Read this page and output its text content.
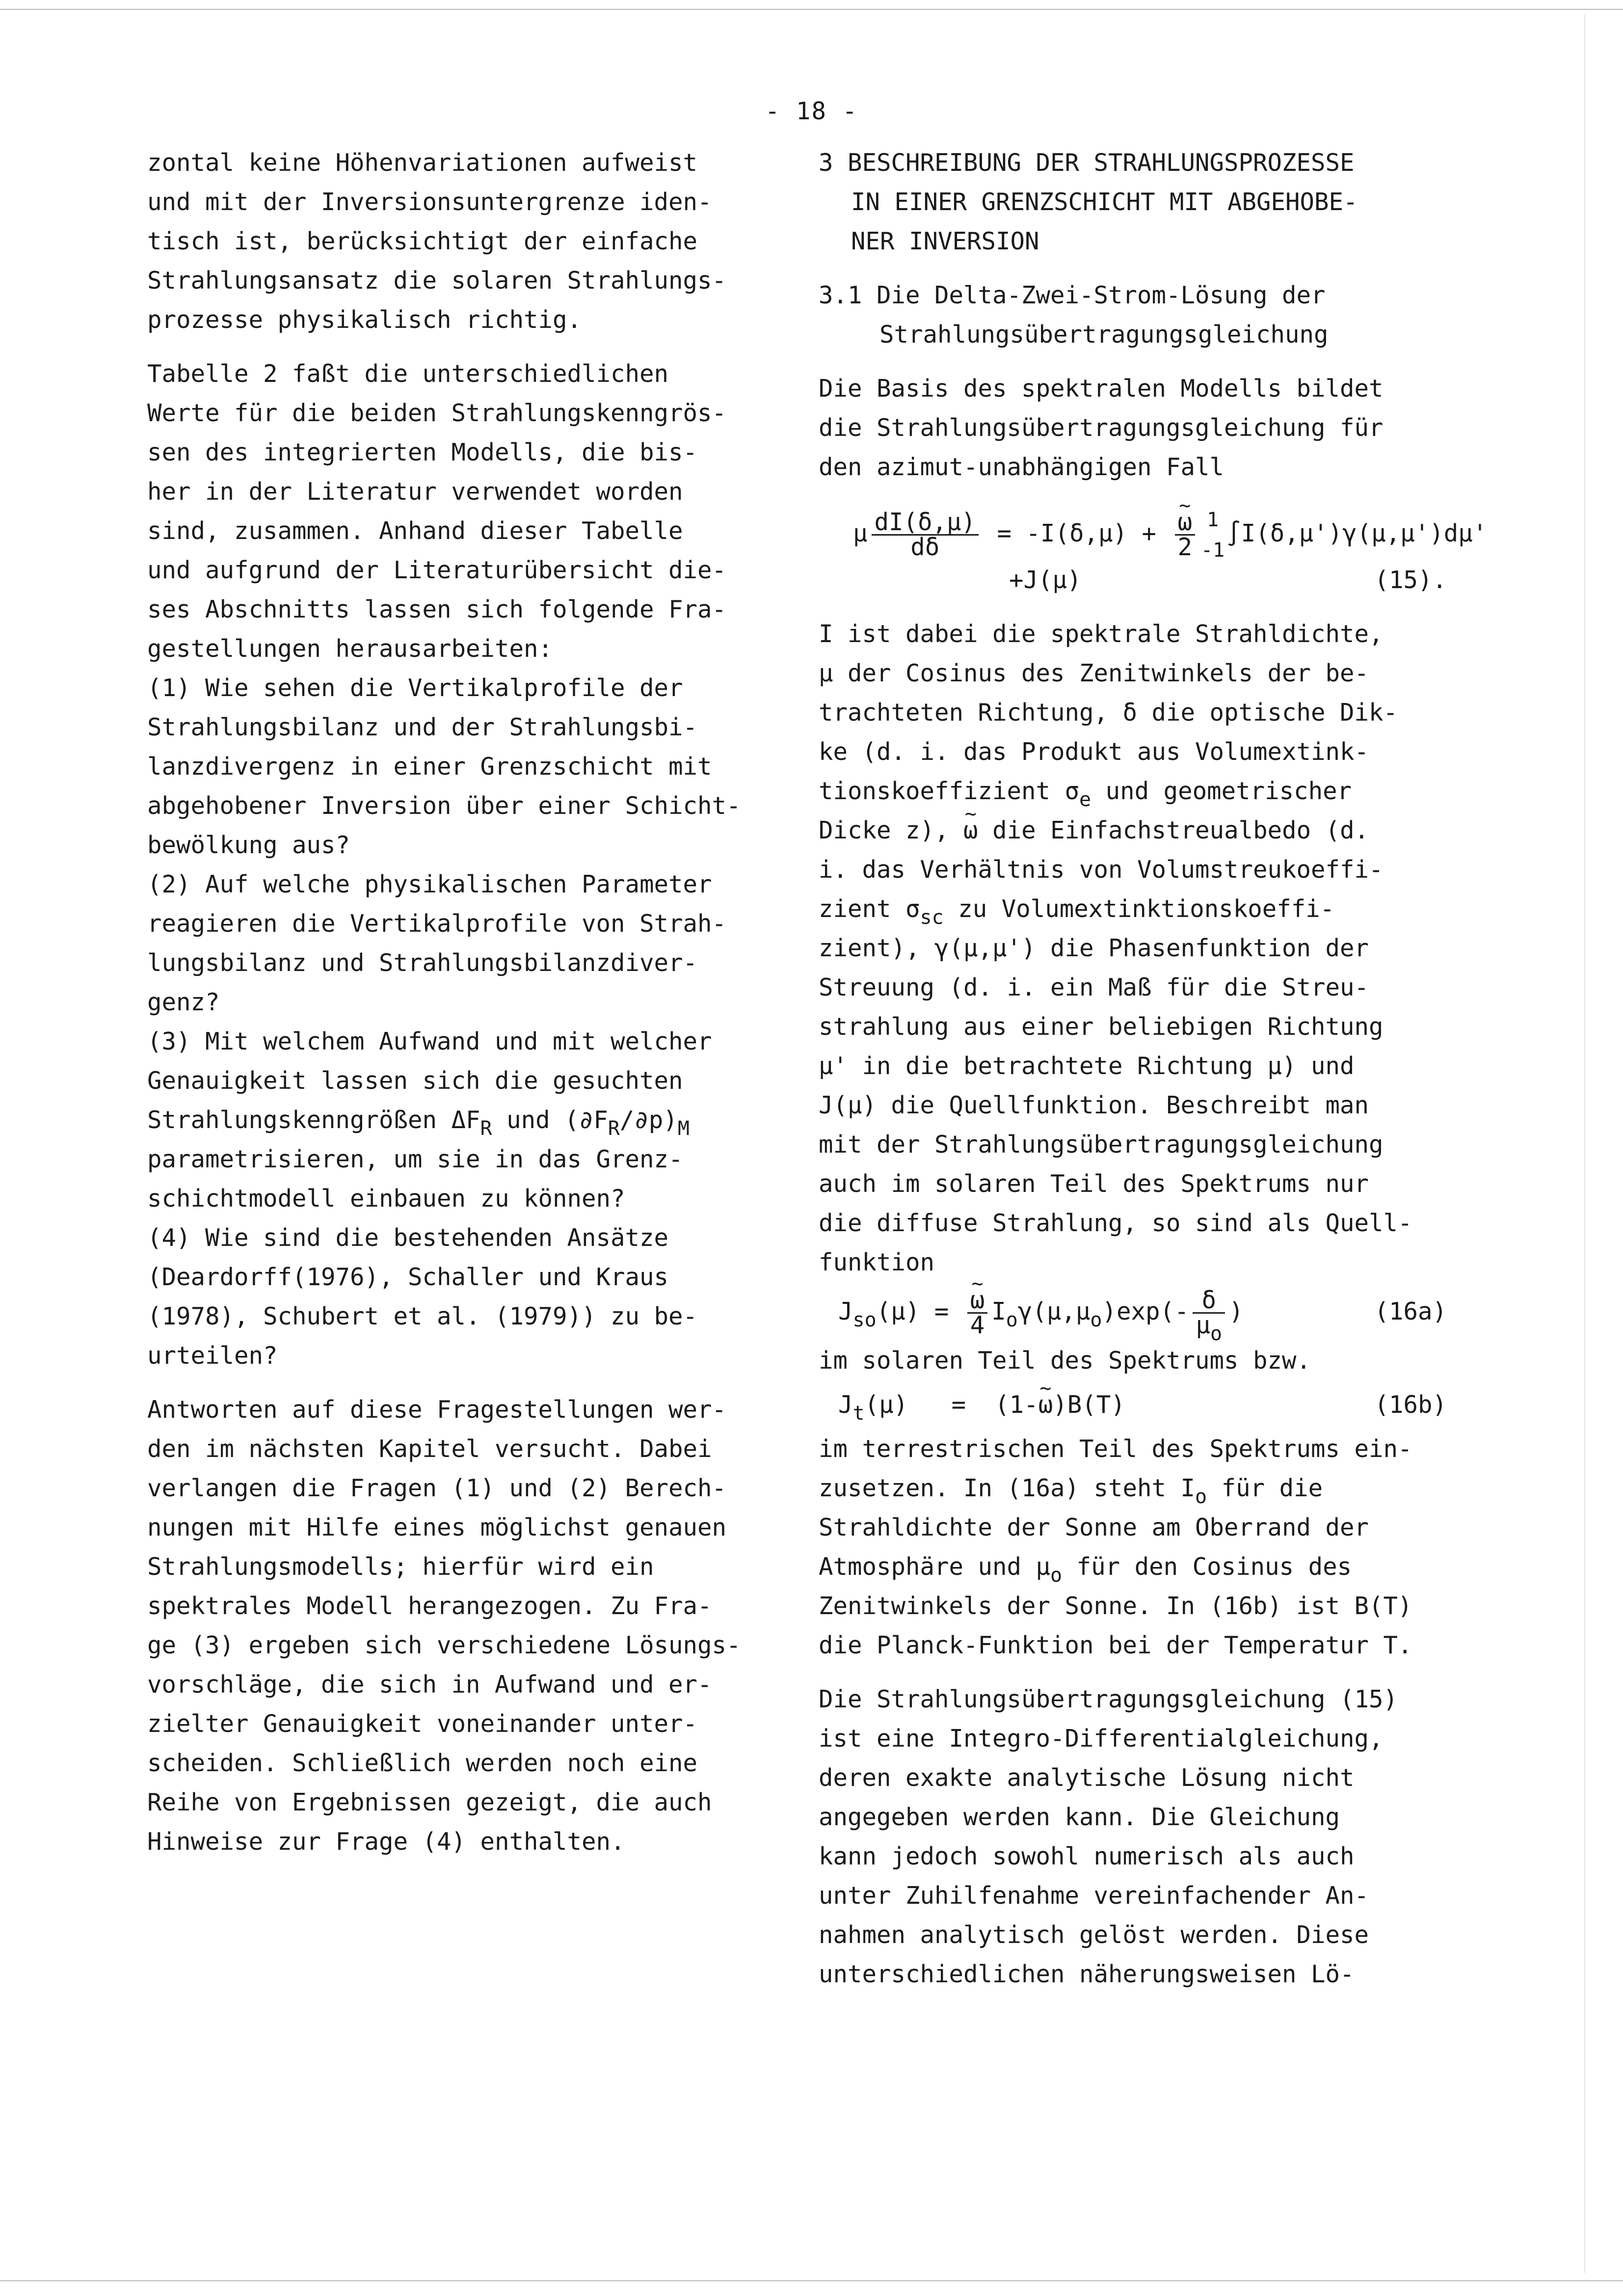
- 18 -
zontal keine Höhenvariationen aufweist
und mit der Inversionsuntergrenze iden-
tisch ist, berücksichtigt der einfache
Strahlungsansatz die solaren Strahlungs-
prozesse physikalisch richtig.
Tabelle 2 faßt die unterschiedlichen
Werte für die beiden Strahlungskenngrös-
sen des integrierten Modells, die bis-
her in der Literatur verwendet worden
sind, zusammen. Anhand dieser Tabelle
und aufgrund der Literaturübersicht die-
ses Abschnitts lassen sich folgende Fra-
gestellungen herausarbeiten:
(1) Wie sehen die Vertikalprofile der
Strahlungsbilanz und der Strahlungsbi-
lanzdivergenz in einer Grenzschicht mit
abgehobener Inversion über einer Schicht-
bewölkung aus?
(2) Auf welche physikalischen Parameter
reagieren die Vertikalprofile von Strah-
lungsbilanz und Strahlungsbilanzdiver-
genz?
(3) Mit welchem Aufwand und mit welcher
Genauigkeit lassen sich die gesuchten
Strahlungskenngrößen $\Delta F_R$ und $(\partial F_R/\partial p)_M$
parametrisieren, um sie in das Grenz-
schichtmodell einbauen zu können?
(4) Wie sind die bestehenden Ansätze
(Deardorff(1976), Schaller und Kraus
(1978), Schubert et al. (1979)) zu be-
urteilen?
Antworten auf diese Fragestellungen wer-
den im nächsten Kapitel versucht. Dabei
verlangen die Fragen (1) und (2) Berech-
nungen mit Hilfe eines möglichst genauen
Strahlungsmodells; hierfür wird ein
spektrales Modell herangezogen. Zu Fra-
ge (3) ergeben sich verschiedene Lösungs-
vorschläge, die sich in Aufwand und er-
zielter Genauigkeit voneinander unter-
scheiden. Schließlich werden noch eine
Reihe von Ergebnissen gezeigt, die auch
Hinweise zur Frage (4) enthalten.
3 BESCHREIBUNG DER STRAHLUNGSPROZESSE
IN EINER GRENZSCHICHT MIT ABGEHOBE-
NER INVERSION
3.1 Die Delta-Zwei-Strom-Lösung der
Strahlungsübertragungsgleichung
Die Basis des spektralen Modells bildet
die Strahlungsübertragungsgleichung für
den azimut-unabhängigen Fall
μ $\frac{dI(\delta,\mu)}{d\delta} = -I(\delta,\mu)$ + ~ $\frac{\omega}{2} 1$
-1
∫I(δ,μ')γ(μ,μ')dμ'
+J(μ)	(15).
I ist dabei die spektrale Strahldichte,
μ der Cosinus des Zenitwinkels der be-
trachteten Richtung, δ die optische Dik-
ke (d. i. das Produkt aus Volumextink-
tionskoeffizient $\sigma_e$ und geometrischer
Dicke z), ~ ω die Einfachstreualbedo (d.
i. das Verhältnis von Volumstreukoeffi-
zient $\sigma_{sc}$ zu Volumextinktionskoeffi-
zient), γ(μ,μ') die Phasenfunktion der
Streuung (d. i. ein Maß für die Streu-
strahlung aus einer beliebigen Richtung
μ' in die betrachtete Richtung μ) und
J(μ) die Quellfunktion. Beschreibt man
mit der Strahlungsübertragungsgleichung
auch im solaren Teil des Spektrums nur
die diffuse Strahlung, so sind als Quell-
funktion
$J_{so}(\mu)$ = ~ $\frac{\omega}{4} I_o\gamma(\mu,\mu_o)\exp(- \frac{\delta}{\mu_o}$ )	(16a)
im solaren Teil des Spektrums bzw.
$J_t(\mu)$ = (1-~ ω)B(T)	(16b)
im terrestrischen Teil des Spektrums ein-
zusetzen. In (16a) steht $I_o$ für die
Strahldichte der Sonne am Oberrand der
Atmosphäre und $\mu_o$ für den Cosinus des
Zenitwinkels der Sonne. In (16b) ist B(T)
die Planck-Funktion bei der Temperatur T.
Die Strahlungsübertragungsgleichung (15)
ist eine Integro-Differentialgleichung,
deren exakte analytische Lösung nicht
angegeben werden kann. Die Gleichung
kann jedoch sowohl numerisch als auch
unter Zuhilfenahme vereinfachender An-
nahmen analytisch gelöst werden. Diese
unterschiedlichen näherungsweisen Lö-
